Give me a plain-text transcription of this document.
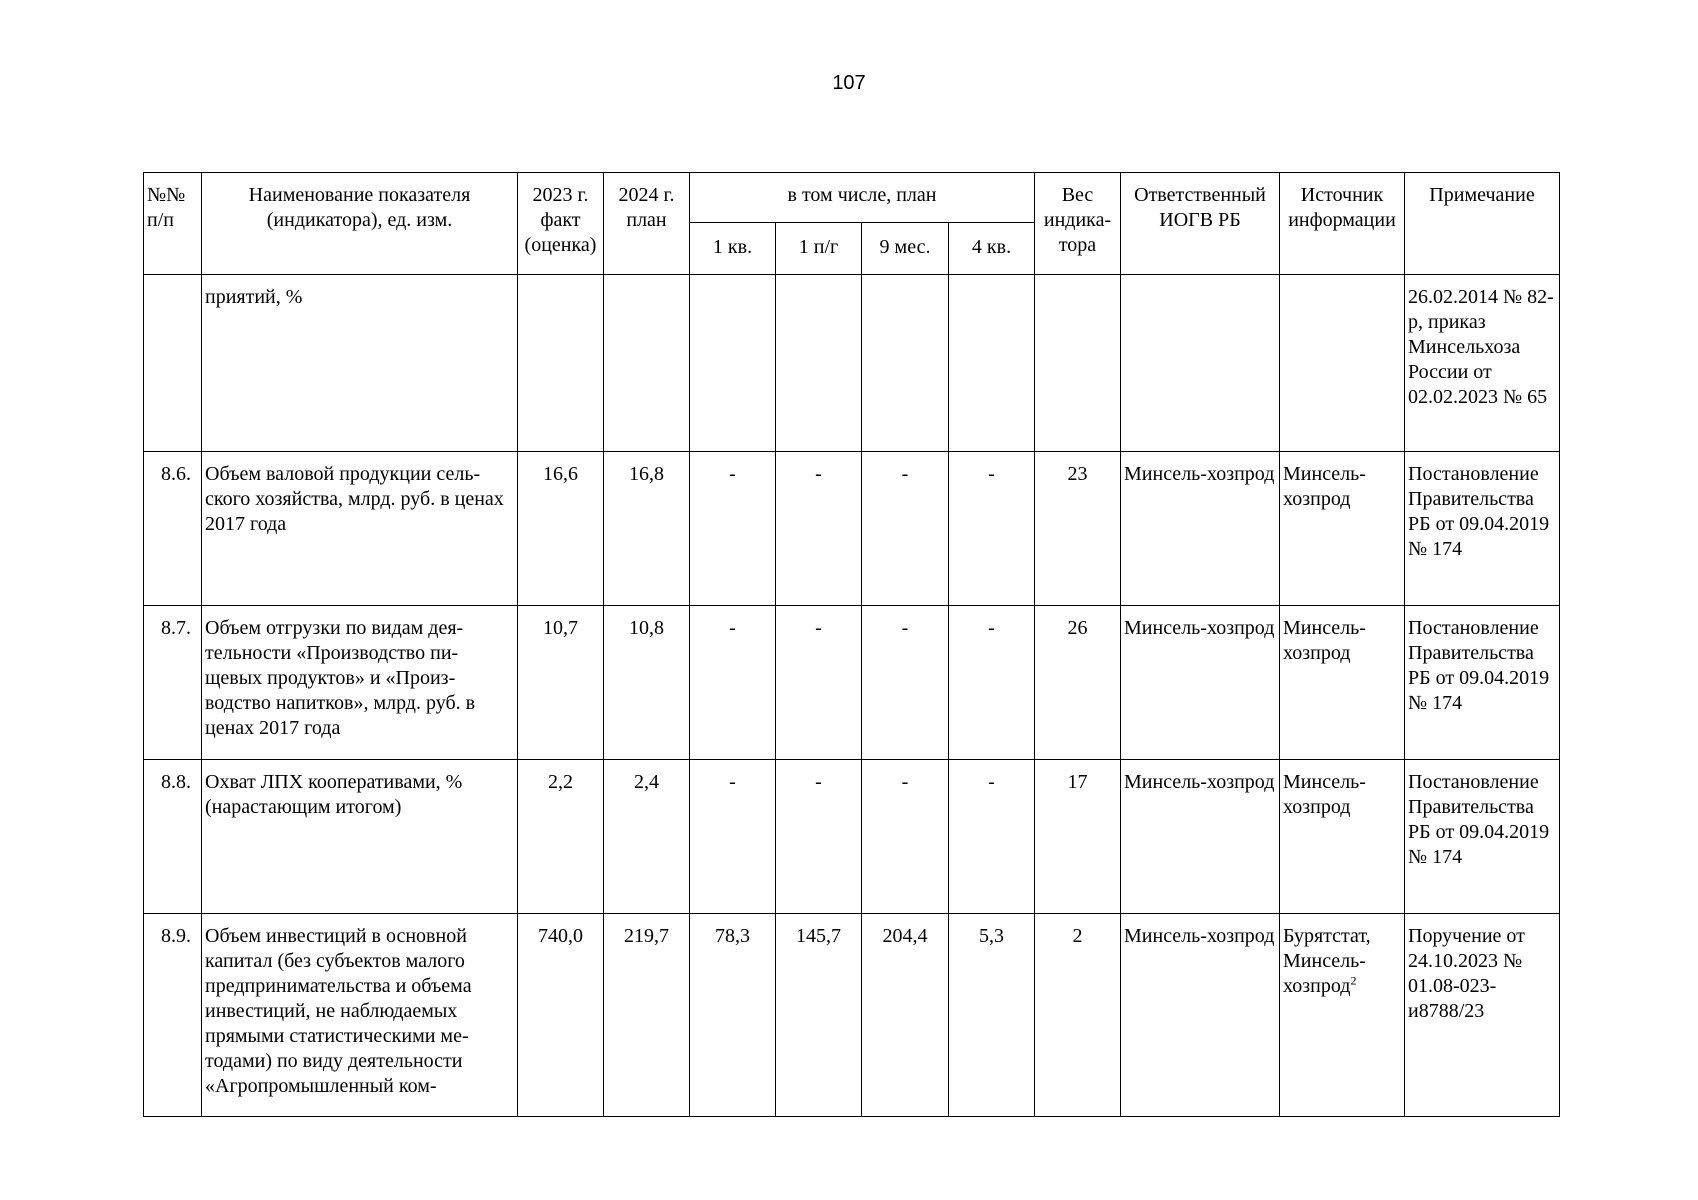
107
№№ п/п	Наименование показателя (индикатора), ед. изм.	2023 г. факт (оценка)	2024 г. план	в том числе, план				Вес индика-тора	Ответственный ИОГВ РБ	Источник информации	Примечание
				1 кв.	1 п/г	9 мес.	4 кв.				
	приятий, %										26.02.2014 № 82-р, приказ Минсельхоза России от 02.02.2023 № 65
8.6.	Объем валовой продукции сель-ского хозяйства, млрд. руб. в ценах 2017 года	16,6	16,8	-	-	-	-	23	Минсель-хозпрод	Минсель-хозпрод	Постановление Правительства РБ от 09.04.2019 № 174
8.7.	Объем отгрузки по видам дея-тельности «Производство пи-щевых продуктов» и «Произ-водство напитков», млрд. руб. в ценах 2017 года	10,7	10,8	-	-	-	-	26	Минсель-хозпрод	Минсель-хозпрод	Постановление Правительства РБ от 09.04.2019 № 174
8.8.	Охват ЛПХ кооперативами, % (нарастающим итогом)	2,2	2,4	-	-	-	-	17	Минсель-хозпрод	Минсель-хозпрод	Постановление Правительства РБ от 09.04.2019 № 174
8.9.	Объем инвестиций в основной капитал (без субъектов малого предпринимательства и объема инвестиций, не наблюдаемых прямыми статистическими ме-тодами) по виду деятельности «Агропромышленный ком-	740,0	219,7	78,3	145,7	204,4	5,3	2	Минсель-хозпрод	Бурятстат, Минсель-хозпрод$^2$	Поручение от 24.10.2023 № 01.08-023-и8788/23
